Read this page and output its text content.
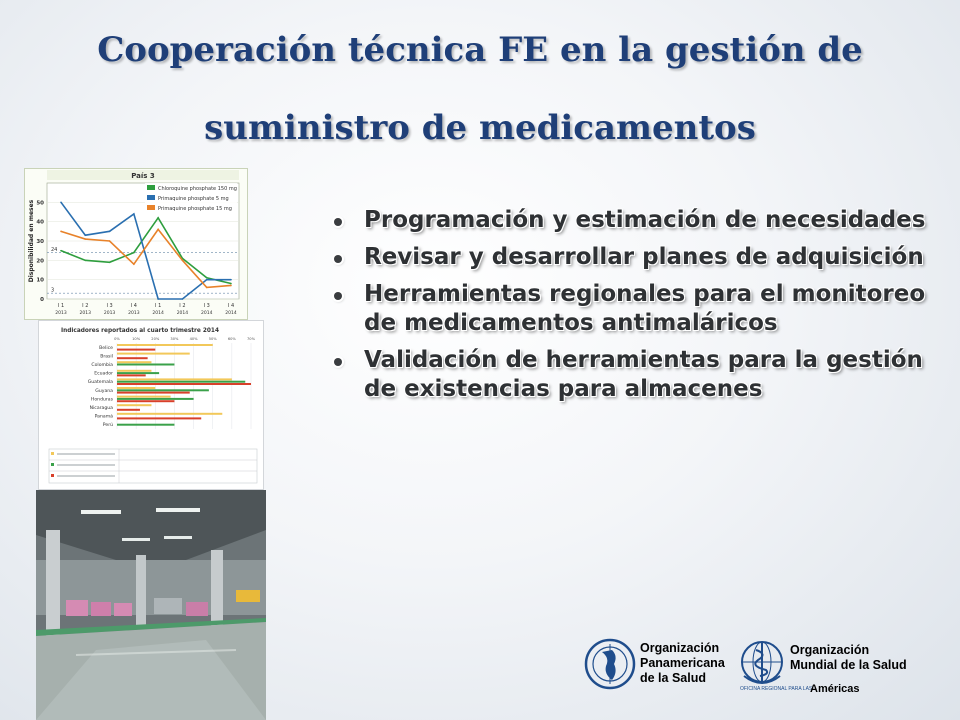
Cooperación técnica FE en la gestión de
suministro de medicamentos
País 3
0
10
20
30
40
50
3
24
Disponibilidad en meses
I 1
2013
I 2
2013
I 3
2013
I 4
2013
I 1
2014
I 2
2014
I 3
2014
I 4
2014
Chloroquine phosphate 150 mg
Primaquine phosphate 5 mg
Primaquine phosphate 15 mg
Indicadores reportados al cuarto trimestre 2014
0%	10%	20%	30%	40%	50%	60%	70%
Belice
Brasil
Colombia
Ecuador
Guatemala
Guyana
Honduras
Nicaragua
Panamá
Perú
Programación y estimación de necesidades
Revisar y desarrollar planes de adquisición
Herramientas regionales para el monitoreo de medicamentos antimaláricos
Validación de herramientas para la gestión de existencias para almacenes
Organización
Panamericana
de la Salud
Organización
Mundial de la Salud
OFICINA REGIONAL PARA LAS
Américas
